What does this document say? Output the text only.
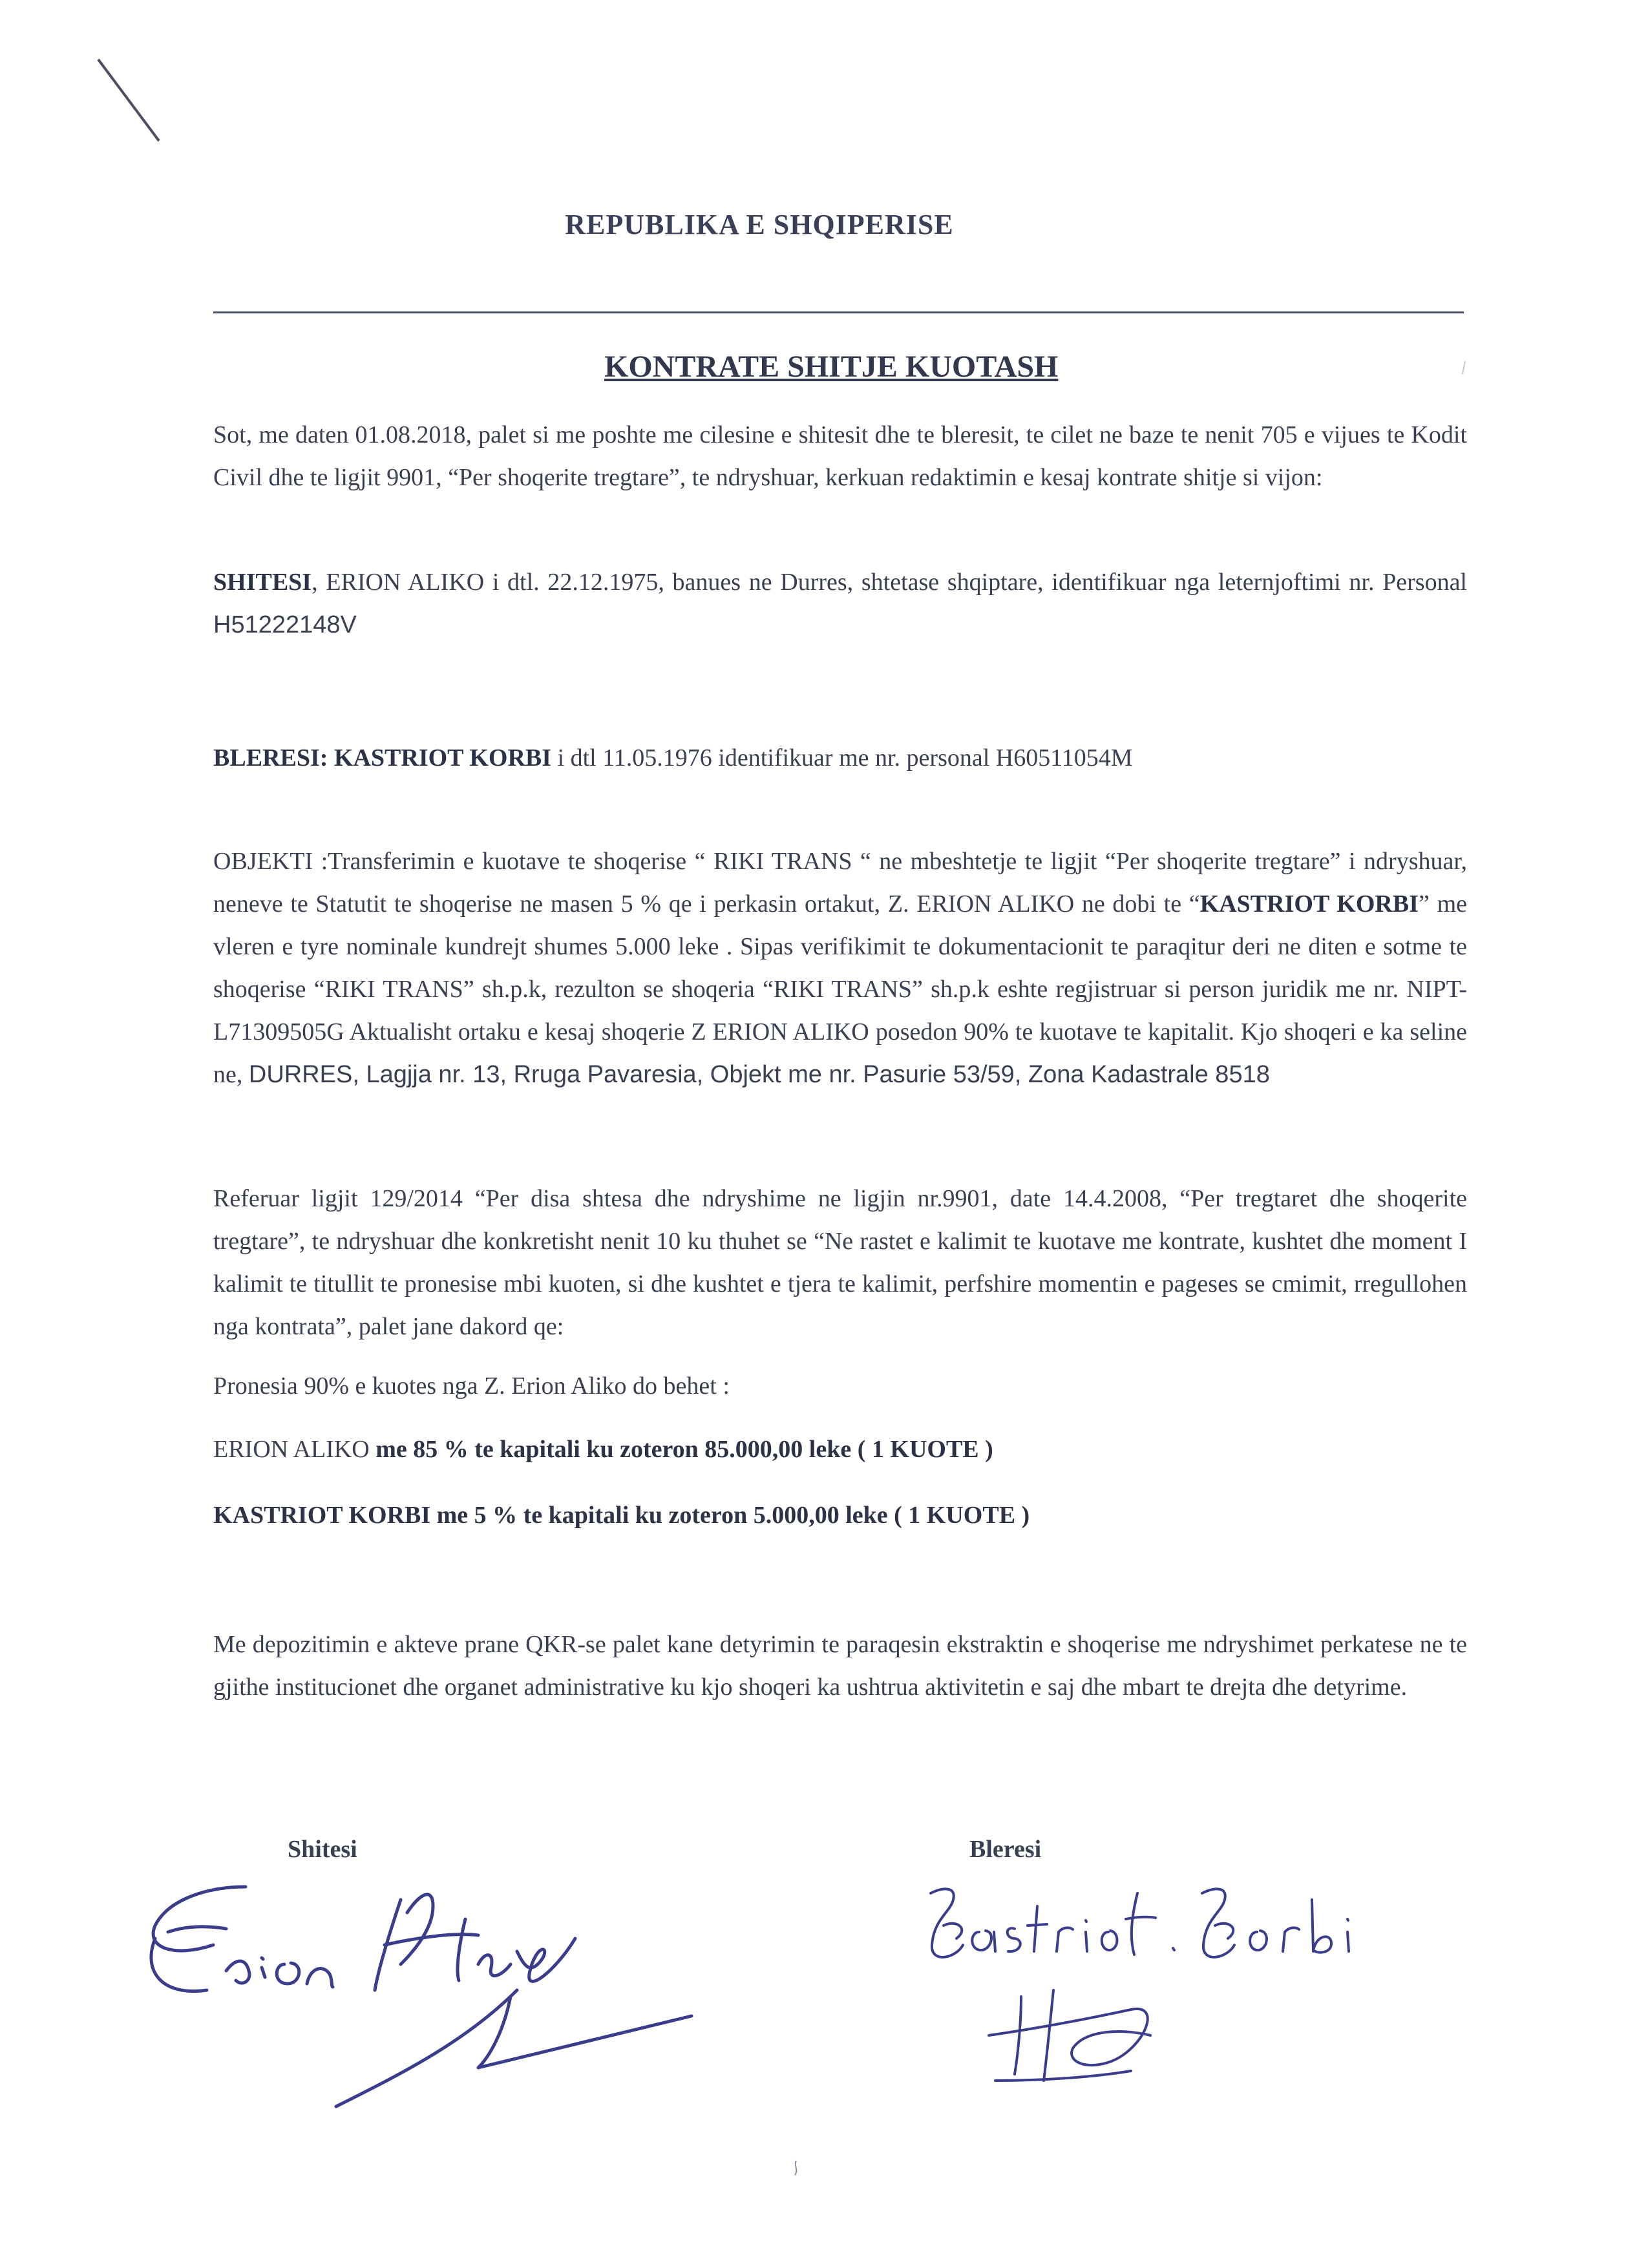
REPUBLIKA E SHQIPERISE
KONTRATE SHITJE KUOTASH
Sot, me daten 01.08.2018, palet si me poshte me cilesine e shitesit dhe te bleresit, te cilet ne baze te nenit 705 e vijues te Kodit Civil dhe te ligjit 9901, “Per shoqerite tregtare”, te ndryshuar, kerkuan redaktimin e kesaj kontrate shitje si vijon:
SHITESI, ERION ALIKO i dtl. 22.12.1975, banues ne Durres, shtetase shqiptare, identifikuar nga leternjoftimi nr. Personal H51222148V
BLERESI: KASTRIOT KORBI i dtl 11.05.1976 identifikuar me nr. personal H60511054M
OBJEKTI :Transferimin e kuotave te shoqerise “ RIKI TRANS “ ne mbeshtetje te ligjit “Per shoqerite tregtare” i ndryshuar, neneve te Statutit te shoqerise ne masen 5 % qe i perkasin ortakut, Z. ERION ALIKO ne dobi te “KASTRIOT KORBI” me vleren e tyre nominale kundrejt shumes 5.000 leke . Sipas verifikimit te dokumentacionit te paraqitur deri ne diten e sotme te shoqerise “RIKI TRANS” sh.p.k, rezulton se shoqeria “RIKI TRANS” sh.p.k eshte regjistruar si person juridik me nr. NIPT-L71309505G Aktualisht ortaku e kesaj shoqerie Z ERION ALIKO posedon 90% te kuotave te kapitalit. Kjo shoqeri e ka seline ne, DURRES, Lagjja nr. 13, Rruga Pavaresia, Objekt me nr. Pasurie 53/59, Zona Kadastrale 8518
Referuar ligjit 129/2014 “Per disa shtesa dhe ndryshime ne ligjin nr.9901, date 14.4.2008, “Per tregtaret dhe shoqerite tregtare”, te ndryshuar dhe konkretisht nenit 10 ku thuhet se “Ne rastet e kalimit te kuotave me kontrate, kushtet dhe moment I kalimit te titullit te pronesise mbi kuoten, si dhe kushtet e tjera te kalimit, perfshire momentin e pageses se cmimit, rregullohen nga kontrata”, palet jane dakord qe:
Pronesia 90% e kuotes nga Z. Erion Aliko do behet :
ERION ALIKO me 85 % te kapitali ku zoteron 85.000,00 leke ( 1 KUOTE )
KASTRIOT KORBI me 5 % te kapitali ku zoteron 5.000,00 leke ( 1 KUOTE )
Me depozitimin e akteve prane QKR-se palet kane detyrimin te paraqesin ekstraktin e shoqerise me ndryshimet perkatese ne te gjithe institucionet dhe organet administrative ku kjo shoqeri ka ushtrua aktivitetin e saj dhe mbart te drejta dhe detyrime.
Shitesi	Bleresi
